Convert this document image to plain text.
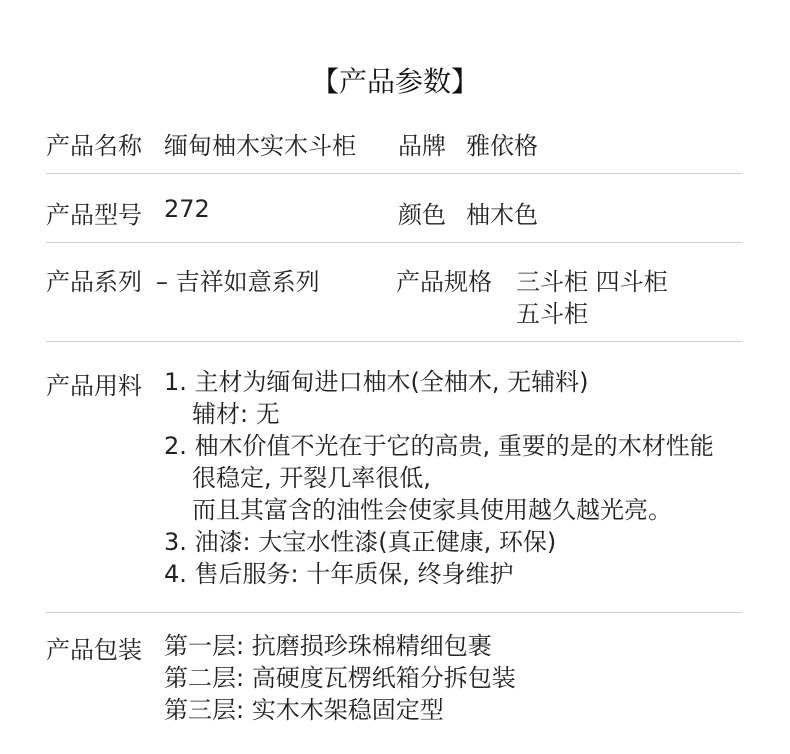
【产品参数】
产品名称 缅甸柚木实木斗柜 品牌 雅依格
产品型号 272	颜色 柚木色
产品系列 – 吉祥如意系列	产品规格 三斗柜 四斗柜
五斗柜
产品用料 1. 主材为缅甸进口柚木(全柚木, 无辅料)
辅材: 无
2. 柚木价值不光在于它的高贵, 重要的是的木材性能
很稳定, 开裂几率很低,
而且其富含的油性会使家具使用越久越光亮。
3. 油漆: 大宝水性漆(真正健康, 环保)
4. 售后服务: 十年质保, 终身维护
产品包装 第一层: 抗磨损珍珠棉精细包裹
第二层: 高硬度瓦楞纸箱分拆包装
第三层: 实木木架稳固定型
